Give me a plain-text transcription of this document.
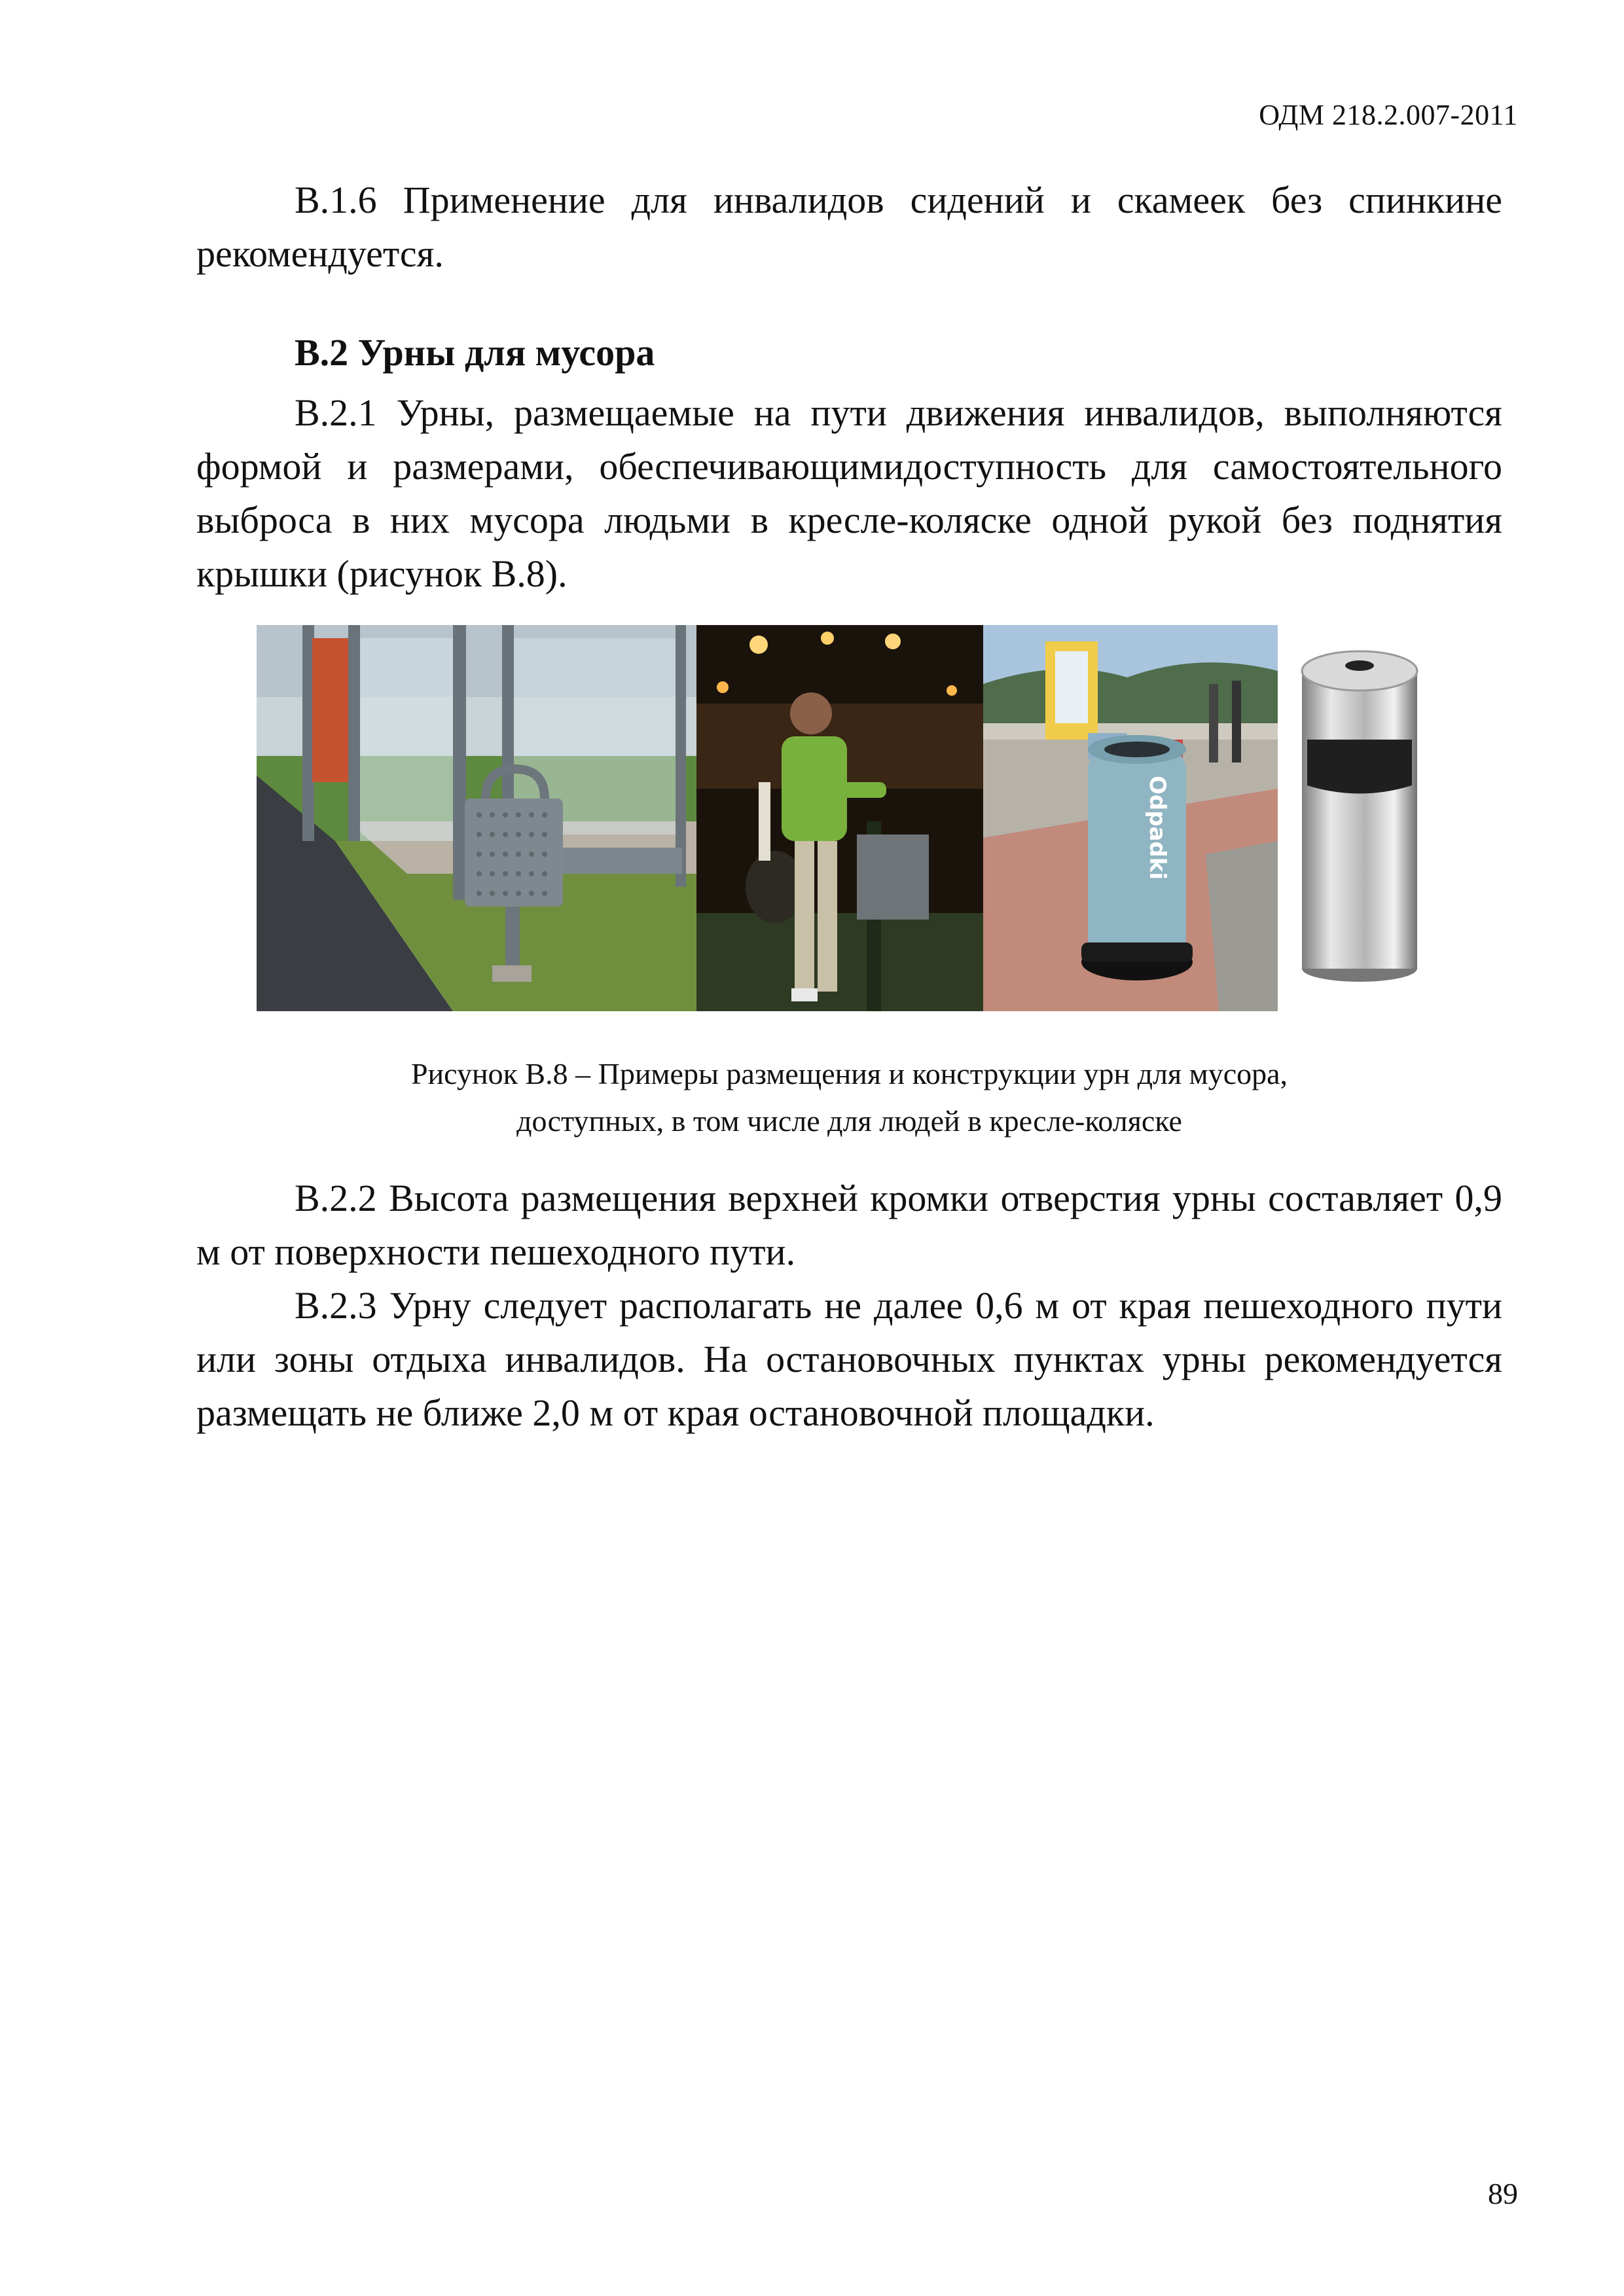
ОДМ 218.2.007-2011

В.1.6 Применение для инвалидов сидений и скамеек без спинкине рекомендуется.

В.2 Урны для мусора

В.2.1 Урны, размещаемые на пути движения инвалидов, выполняются формой и размерами, обеспечивающимидоступность для самостоятельного выброса в них мусора людьми в кресле-коляске одной рукой без поднятия крышки (рисунок В.8).

Odpadki
Рисунок В.8 – Примеры размещения и конструкции урн для мусора,
доступных, в том числе для людей в кресле-коляске

В.2.2 Высота размещения верхней кромки отверстия урны составляет 0,9 м от поверхности пешеходного пути.

В.2.3 Урну следует располагать не далее 0,6 м от края пешеходного пути или зоны отдыха инвалидов. На остановочных пунктах урны рекомендуется размещать не ближе 2,0 м от края остановочной площадки.

89
